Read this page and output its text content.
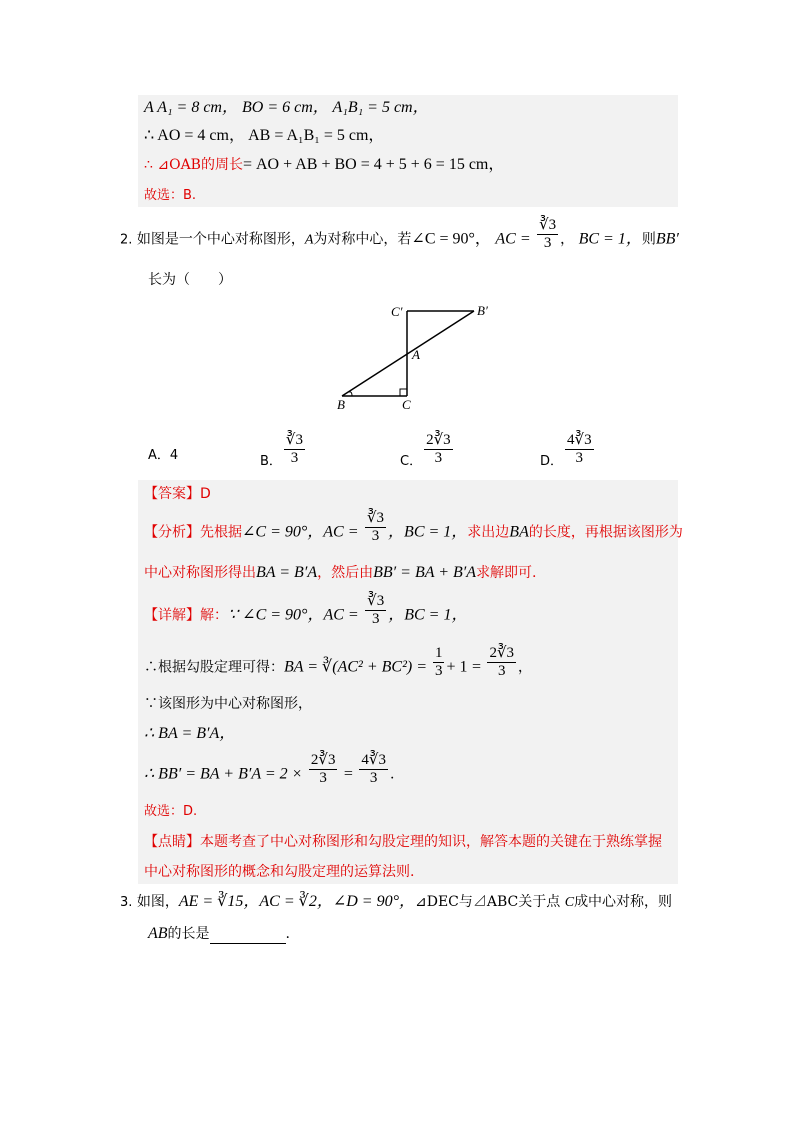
A A₁ = 8 cm， BO = 6 cm， A₁B₁ = 5 cm，
∴ AO = 4 cm， AB = A₁B₁ = 5 cm，
∴ ⊿OAB的周长= AO + AB + BO = 4 + 5 + 6 = 15 cm，
故选：B.
2. 如图是一个中心对称图形，A为对称中心，若∠C = 90°， AC = $\frac{∛3}{3}$ ， BC = 1，则BB′
长为（　　）
C′	B′
A
B	C
A．4	B． $\frac{∛3}{3}$	C． $\frac{2∛3}{3}$	D． $\frac{4∛3}{3}$
【答案】D
【分析】先根据∠C = 90°，AC = $\frac{∛3}{3}$ ，BC = 1，求出边BA的长度，再根据该图形为
中心对称图形得出BA = B′A，然后由BB′ = BA + B′A求解即可.
【详解】解：∵ ∠C = 90°，AC = $\frac{∛3}{3}$ ，BC = 1，
∴根据勾股定理可得：BA = ∛(AC² + $BC^2) = \frac{1}{3} + 1 = \frac{2∛3}{3}$ ，
∵该图形为中心对称图形，
∴ BA = B′A，
∴ BB′ = BA + $B'A = 2 \times \frac{2∛3}{3} = \frac{4∛3}{3}$ .
故选：D.
【点睛】本题考查了中心对称图形和勾股定理的知识，解答本题的关键在于熟练掌握
中心对称图形的概念和勾股定理的运算法则.
3. 如图，AE = ∛15，AC = ∛2，∠D = 90°，⊿DEC与⊿ABC关于点 C成中心对称，则
AB的长是	.
